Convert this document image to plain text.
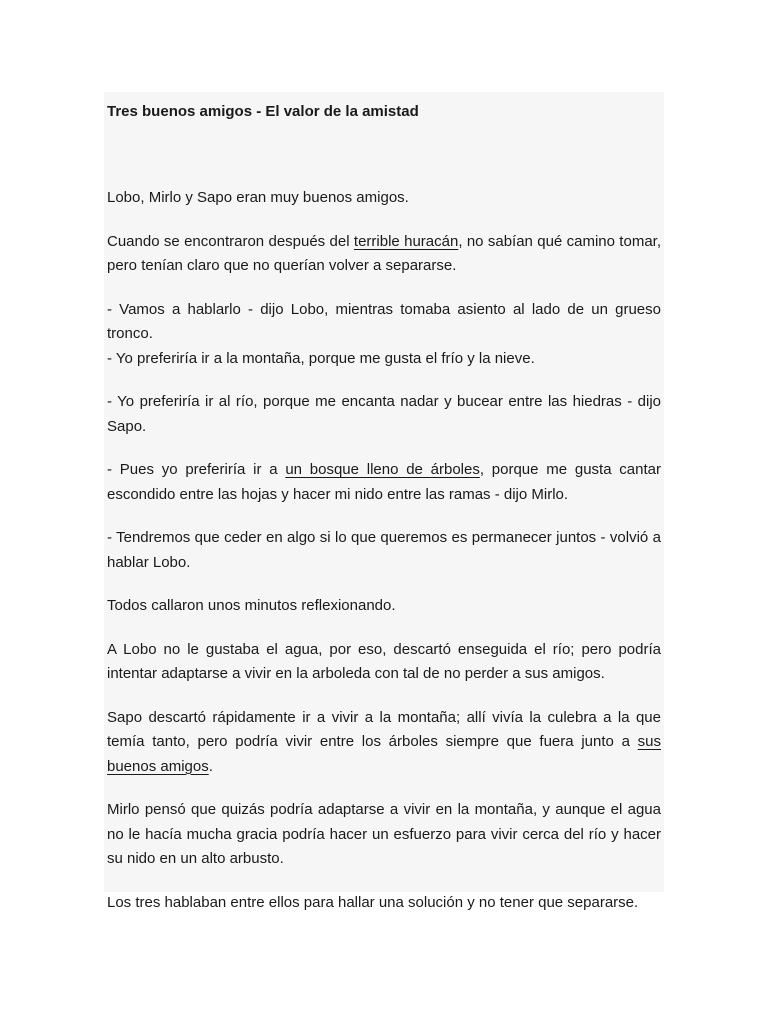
Tres buenos amigos - El valor de la amistad

Lobo, Mirlo y Sapo eran muy buenos amigos.

Cuando se encontraron después del terrible huracán, no sabían qué camino tomar, pero tenían claro que no querían volver a separarse.

- Vamos a hablarlo - dijo Lobo, mientras tomaba asiento al lado de un grueso tronco.

- Yo preferiría ir a la montaña, porque me gusta el frío y la nieve.

- Yo preferiría ir al río, porque me encanta nadar y bucear entre las hiedras - dijo Sapo.

- Pues yo preferiría ir a un bosque lleno de árboles, porque me gusta cantar escondido entre las hojas y hacer mi nido entre las ramas - dijo Mirlo.

- Tendremos que ceder en algo si lo que queremos es permanecer juntos - volvió a hablar Lobo.

Todos callaron unos minutos reflexionando.

A Lobo no le gustaba el agua, por eso, descartó enseguida el río; pero podría intentar adaptarse a vivir en la arboleda con tal de no perder a sus amigos.

Sapo descartó rápidamente ir a vivir a la montaña; allí vivía la culebra a la que temía tanto, pero podría vivir entre los árboles siempre que fuera junto a sus buenos amigos.

Mirlo pensó que quizás podría adaptarse a vivir en la montaña, y aunque el agua no le hacía mucha gracia podría hacer un esfuerzo para vivir cerca del río y hacer su nido en un alto arbusto.

Los tres hablaban entre ellos para hallar una solución y no tener que separarse.
